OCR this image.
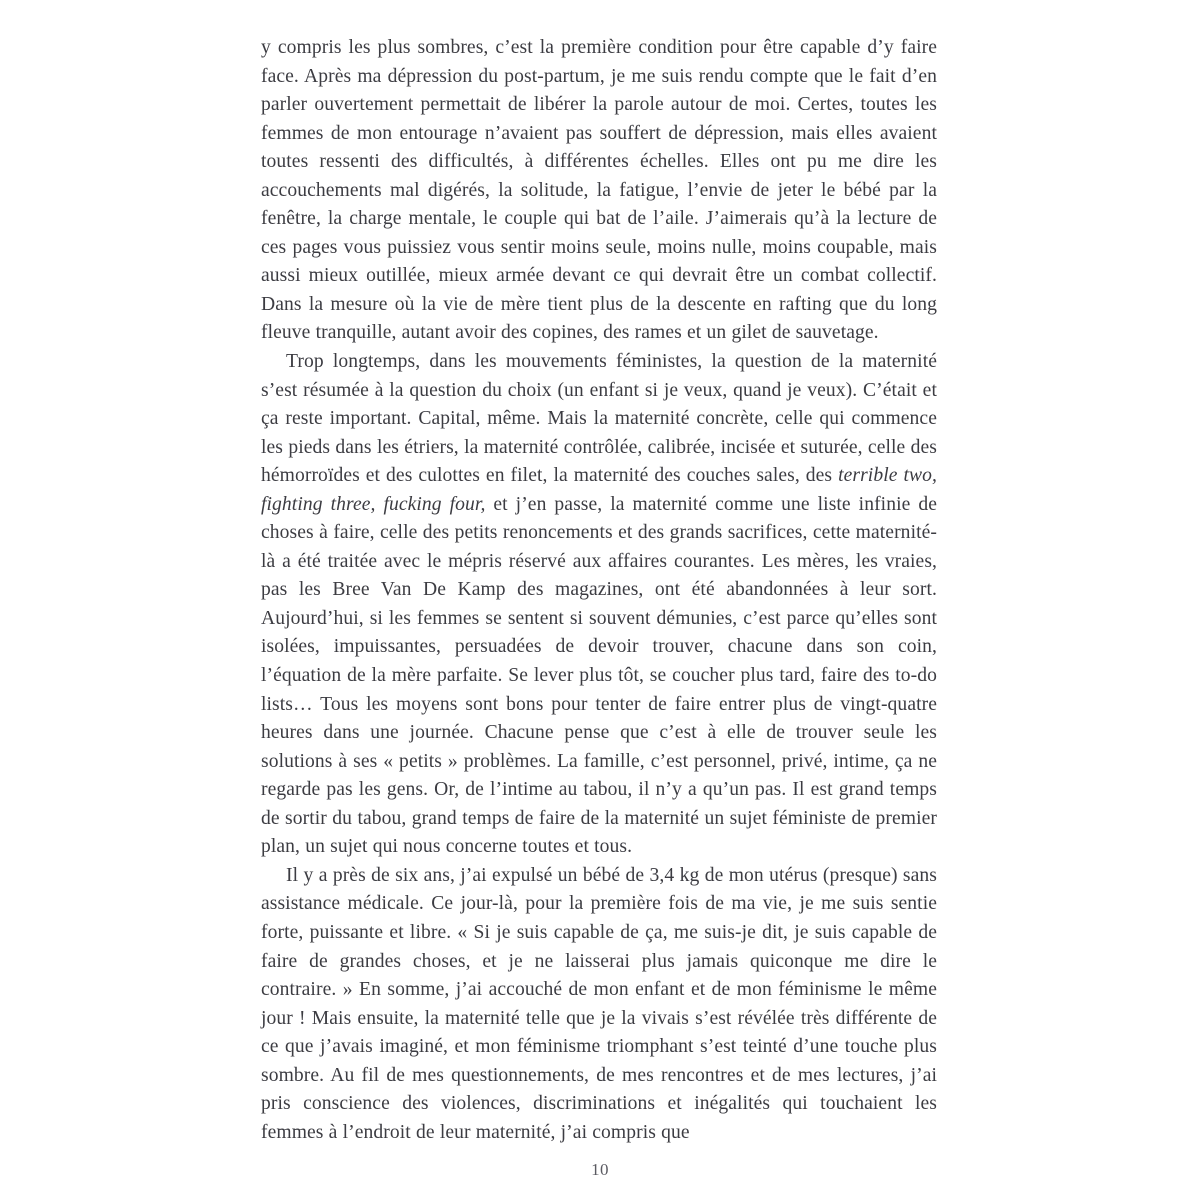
y compris les plus sombres, c’est la première condition pour être capable d’y faire face. Après ma dépression du post-partum, je me suis rendu compte que le fait d’en parler ouvertement permettait de libérer la parole autour de moi. Certes, toutes les femmes de mon entourage n’avaient pas souffert de dépression, mais elles avaient toutes ressenti des difficultés, à différentes échelles. Elles ont pu me dire les accouchements mal digérés, la solitude, la fatigue, l’envie de jeter le bébé par la fenêtre, la charge mentale, le couple qui bat de l’aile. J’aimerais qu’à la lecture de ces pages vous puissiez vous sentir moins seule, moins nulle, moins coupable, mais aussi mieux outillée, mieux armée devant ce qui devrait être un combat collectif. Dans la mesure où la vie de mère tient plus de la descente en rafting que du long fleuve tranquille, autant avoir des copines, des rames et un gilet de sauvetage.

Trop longtemps, dans les mouvements féministes, la question de la maternité s’est résumée à la question du choix (un enfant si je veux, quand je veux). C’était et ça reste important. Capital, même. Mais la maternité concrète, celle qui commence les pieds dans les étriers, la maternité contrôlée, calibrée, incisée et suturée, celle des hémorroïdes et des culottes en filet, la maternité des couches sales, des terrible two, fighting three, fucking four, et j’en passe, la maternité comme une liste infinie de choses à faire, celle des petits renoncements et des grands sacrifices, cette maternité-là a été traitée avec le mépris réservé aux affaires courantes. Les mères, les vraies, pas les Bree Van De Kamp des magazines, ont été abandonnées à leur sort. Aujourd’hui, si les femmes se sentent si souvent démunies, c’est parce qu’elles sont isolées, impuissantes, persuadées de devoir trouver, chacune dans son coin, l’équation de la mère parfaite. Se lever plus tôt, se coucher plus tard, faire des to-do lists… Tous les moyens sont bons pour tenter de faire entrer plus de vingt-quatre heures dans une journée. Chacune pense que c’est à elle de trouver seule les solutions à ses « petits » problèmes. La famille, c’est personnel, privé, intime, ça ne regarde pas les gens. Or, de l’intime au tabou, il n’y a qu’un pas. Il est grand temps de sortir du tabou, grand temps de faire de la maternité un sujet féministe de premier plan, un sujet qui nous concerne toutes et tous.

Il y a près de six ans, j’ai expulsé un bébé de 3,4 kg de mon utérus (presque) sans assistance médicale. Ce jour-là, pour la première fois de ma vie, je me suis sentie forte, puissante et libre. « Si je suis capable de ça, me suis-je dit, je suis capable de faire de grandes choses, et je ne laisserai plus jamais quiconque me dire le contraire. » En somme, j’ai accouché de mon enfant et de mon féminisme le même jour ! Mais ensuite, la maternité telle que je la vivais s’est révélée très différente de ce que j’avais imaginé, et mon féminisme triomphant s’est teinté d’une touche plus sombre. Au fil de mes questionnements, de mes rencontres et de mes lectures, j’ai pris conscience des violences, discriminations et inégalités qui touchaient les femmes à l’endroit de leur maternité, j’ai compris que

10
